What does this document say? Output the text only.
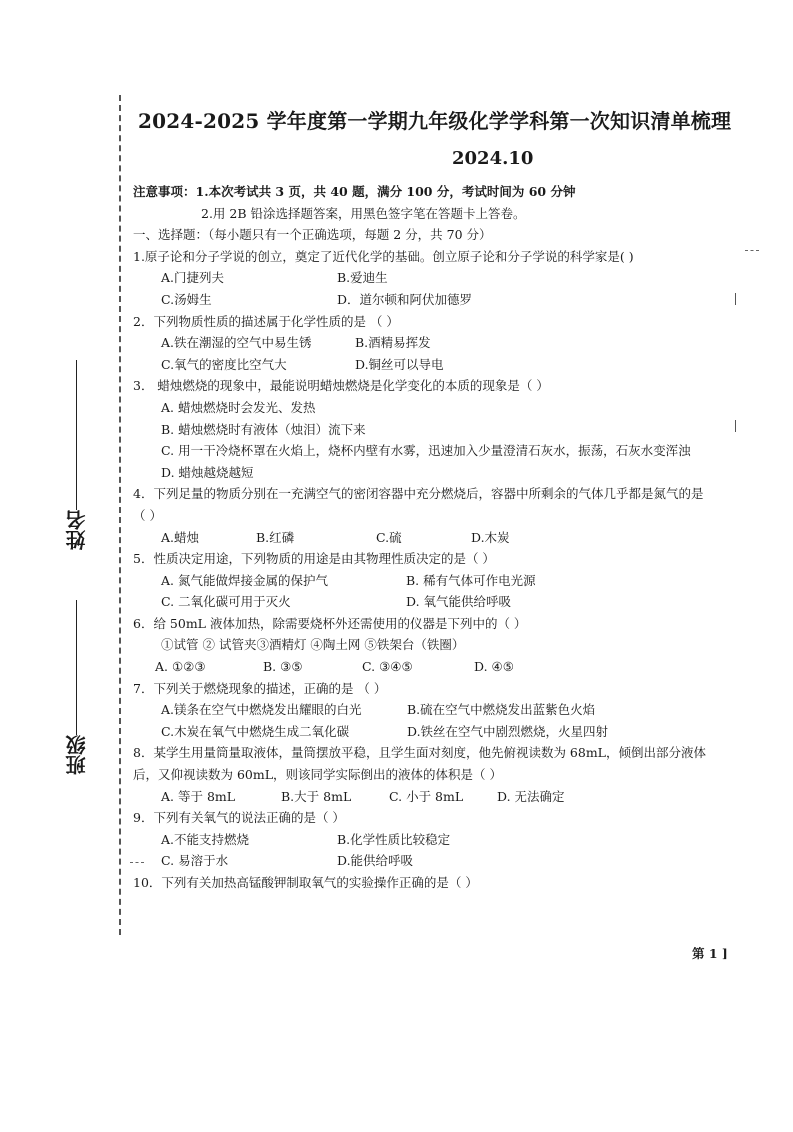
姓名
班级
2024-2025 学年度第一学期九年级化学学科第一次知识清单梳理
2024.10
注意事项：1.本次考试共 3 页，共 40 题，满分 100 分，考试时间为 60 分钟
2.用 2B 铅涂选择题答案，用黑色签字笔在答题卡上答卷。
一、选择题：（每小题只有一个正确选项，每题 2 分，共 70 分）
1.原子论和分子学说的创立，奠定了近代化学的基础。创立原子论和分子学说的科学家是( )
A.门捷列夫	B.爱迪生
C.汤姆生	D．道尔顿和阿伏加德罗
2．下列物质性质的描述属于化学性质的是 （ ）
A.铁在潮湿的空气中易生锈	B.酒精易挥发
C.氧气的密度比空气大	D.铜丝可以导电
3． 蜡烛燃烧的现象中，最能说明蜡烛燃烧是化学变化的本质的现象是（ ）
A. 蜡烛燃烧时会发光、发热
B. 蜡烛燃烧时有液体（烛泪）流下来
C. 用一干冷烧杯罩在火焰上，烧杯内壁有水雾，迅速加入少量澄清石灰水，振荡，石灰水变浑浊
D. 蜡烛越烧越短
4．下列足量的物质分别在一充满空气的密闭容器中充分燃烧后，容器中所剩余的气体几乎都是氮气的是（ ）
A.蜡烛	B.红磷	C.硫	D.木炭
5．性质决定用途，下列物质的用途是由其物理性质决定的是（ ）
A. 氮气能做焊接金属的保护气	B. 稀有气体可作电光源
C. 二氧化碳可用于灭火	D. 氧气能供给呼吸
6．给 50mL 液体加热，除需要烧杯外还需使用的仪器是下列中的（ ）
①试管 ② 试管夹③酒精灯 ④陶土网 ⑤铁架台（铁圈）
A. ①②③	B. ③⑤	C. ③④⑤	D. ④⑤
7．下列关于燃烧现象的描述，正确的是 （ ）
A.镁条在空气中燃烧发出耀眼的白光	B.硫在空气中燃烧发出蓝紫色火焰
C.木炭在氧气中燃烧生成二氧化碳	D.铁丝在空气中剧烈燃烧，火星四射
8．某学生用量筒量取液体，量筒摆放平稳，且学生面对刻度，他先俯视读数为 68mL，倾倒出部分液体后，又仰视读数为 60mL，则该同学实际倒出的液体的体积是（ ）
A. 等于 8mL	B.大于 8mL	C. 小于 8mL	D. 无法确定
9．下列有关氧气的说法正确的是（ ）
A.不能支持燃烧	B.化学性质比较稳定
C. 易溶于水	D.能供给呼吸
10．下列有关加热高锰酸钾制取氧气的实验操作正确的是（ ）
第 1 ]
